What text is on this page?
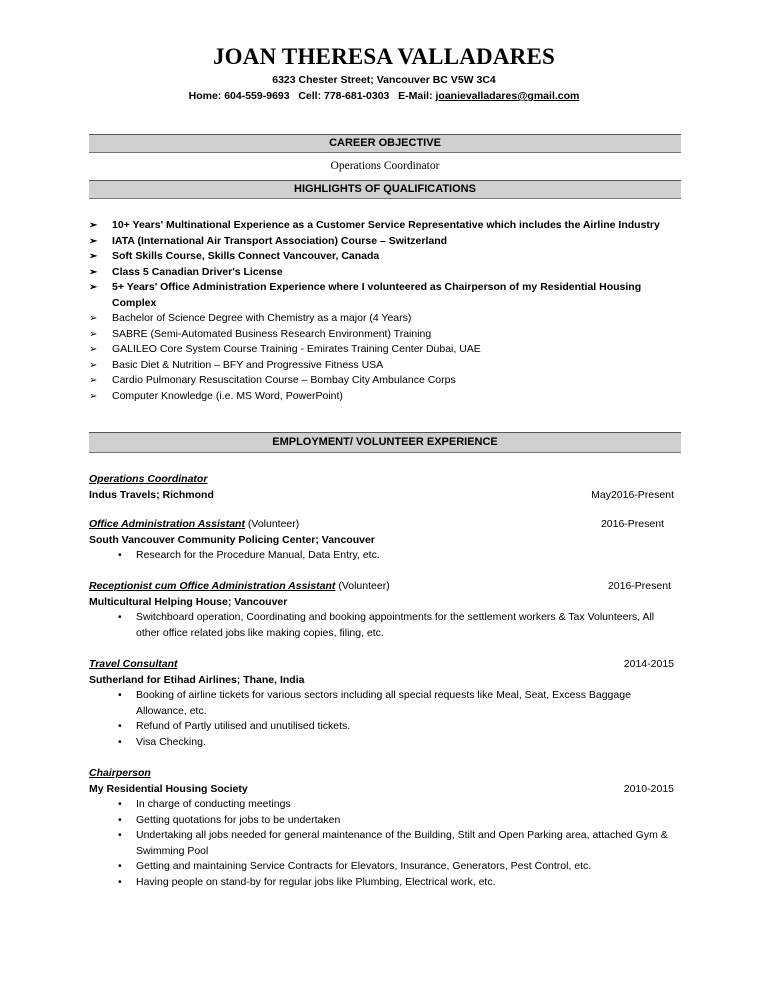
JOAN THERESA VALLADARES
6323 Chester Street; Vancouver BC V5W 3C4
Home: 604-559-9693   Cell: 778-681-0303   E-Mail: joanievalladares@gmail.com
CAREER OBJECTIVE
Operations Coordinator
HIGHLIGHTS OF QUALIFICATIONS
➢ 10+ Years' Multinational Experience as a Customer Service Representative which includes the Airline Industry
➢ IATA (International Air Transport Association) Course – Switzerland
➢ Soft Skills Course, Skills Connect Vancouver, Canada
➢ Class 5 Canadian Driver's License
➢ 5+ Years' Office Administration Experience where I volunteered as Chairperson of my Residential Housing Complex
➢ Bachelor of Science Degree with Chemistry as a major (4 Years)
➢ SABRE (Semi-Automated Business Research Environment) Training
➢ GALILEO Core System Course Training - Emirates Training Center Dubai, UAE
➢ Basic Diet & Nutrition – BFY and Progressive Fitness USA
➢ Cardio Pulmonary Resuscitation Course – Bombay City Ambulance Corps
➢ Computer Knowledge (i.e. MS Word, PowerPoint)
EMPLOYMENT/ VOLUNTEER EXPERIENCE
Operations Coordinator
Indus Travels; Richmond	May2016-Present
Office Administration Assistant (Volunteer)	2016-Present
South Vancouver Community Policing Center; Vancouver
• Research for the Procedure Manual, Data Entry, etc.
Receptionist cum Office Administration Assistant (Volunteer)	2016-Present
Multicultural Helping House; Vancouver
• Switchboard operation, Coordinating and booking appointments for the settlement workers & Tax Volunteers, All other office related jobs like making copies, filing, etc.
Travel Consultant	2014-2015
Sutherland for Etihad Airlines; Thane, India
• Booking of airline tickets for various sectors including all special requests like Meal, Seat, Excess Baggage Allowance, etc.
• Refund of Partly utilised and unutilised tickets.
• Visa Checking.
Chairperson
My Residential Housing Society	2010-2015
• In charge of conducting meetings
• Getting quotations for jobs to be undertaken
• Undertaking all jobs needed for general maintenance of the Building, Stilt and Open Parking area, attached Gym & Swimming Pool
• Getting and maintaining Service Contracts for Elevators, Insurance, Generators, Pest Control, etc.
• Having people on stand-by for regular jobs like Plumbing, Electrical work, etc.
